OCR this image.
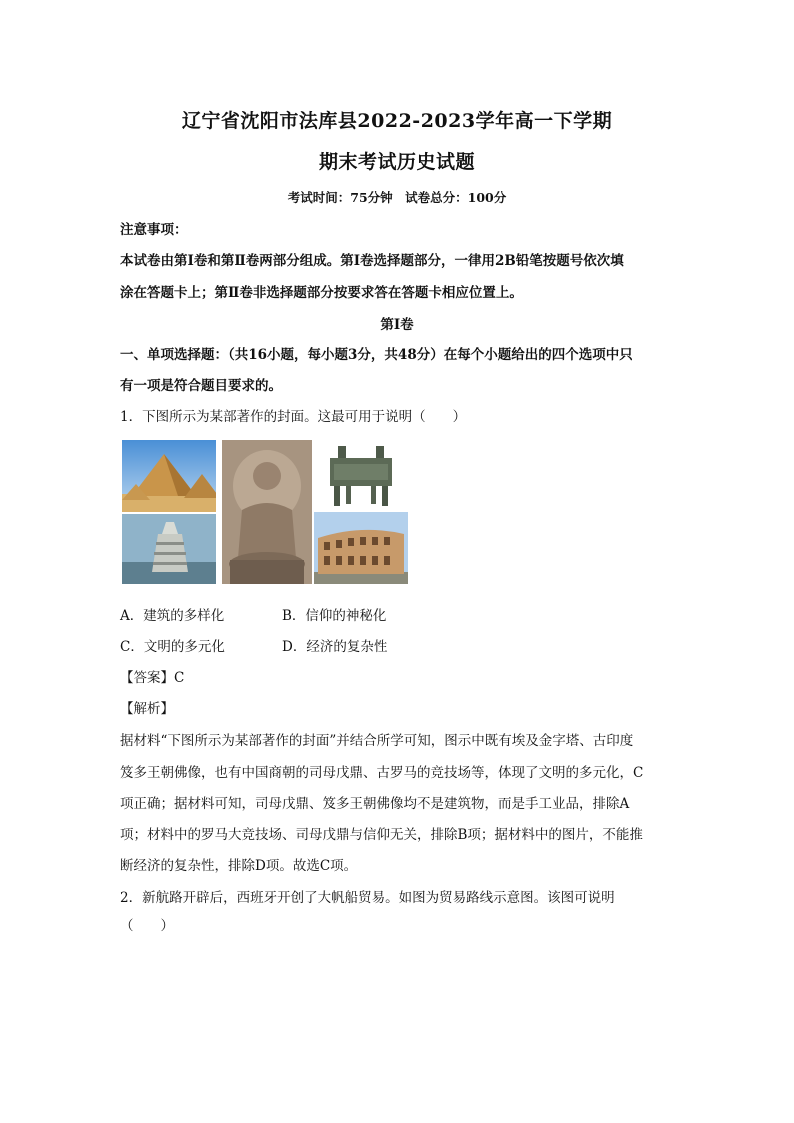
辽宁省沈阳市法库县2022-2023学年高一下学期
期末考试历史试题
考试时间：75分钟　试卷总分：100分
注意事项：
本试卷由第Ⅰ卷和第Ⅱ卷两部分组成。第Ⅰ卷选择题部分，一律用2B铅笔按题号依次填
涂在答题卡上；第Ⅱ卷非选择题部分按要求答在答题卡相应位置上。
第Ⅰ卷
一、单项选择题：（共16小题，每小题3分，共48分）在每个小题给出的四个选项中只
有一项是符合题目要求的。
1．下图所示为某部著作的封面。这最可用于说明（　　）
A．建筑的多样化	B．信仰的神秘化
C．文明的多元化	D．经济的复杂性
【答案】C
【解析】
据材料“下图所示为某部著作的封面”并结合所学可知，图示中既有埃及金字塔、古印度
笈多王朝佛像，也有中国商朝的司母戊鼎、古罗马的竞技场等，体现了文明的多元化，C
项正确；据材料可知，司母戊鼎、笈多王朝佛像均不是建筑物，而是手工业品，排除A
项；材料中的罗马大竞技场、司母戊鼎与信仰无关，排除B项；据材料中的图片，不能推
断经济的复杂性，排除D项。故选C项。
2．新航路开辟后，西班牙开创了大帆船贸易。如图为贸易路线示意图。该图可说明
（　　）
